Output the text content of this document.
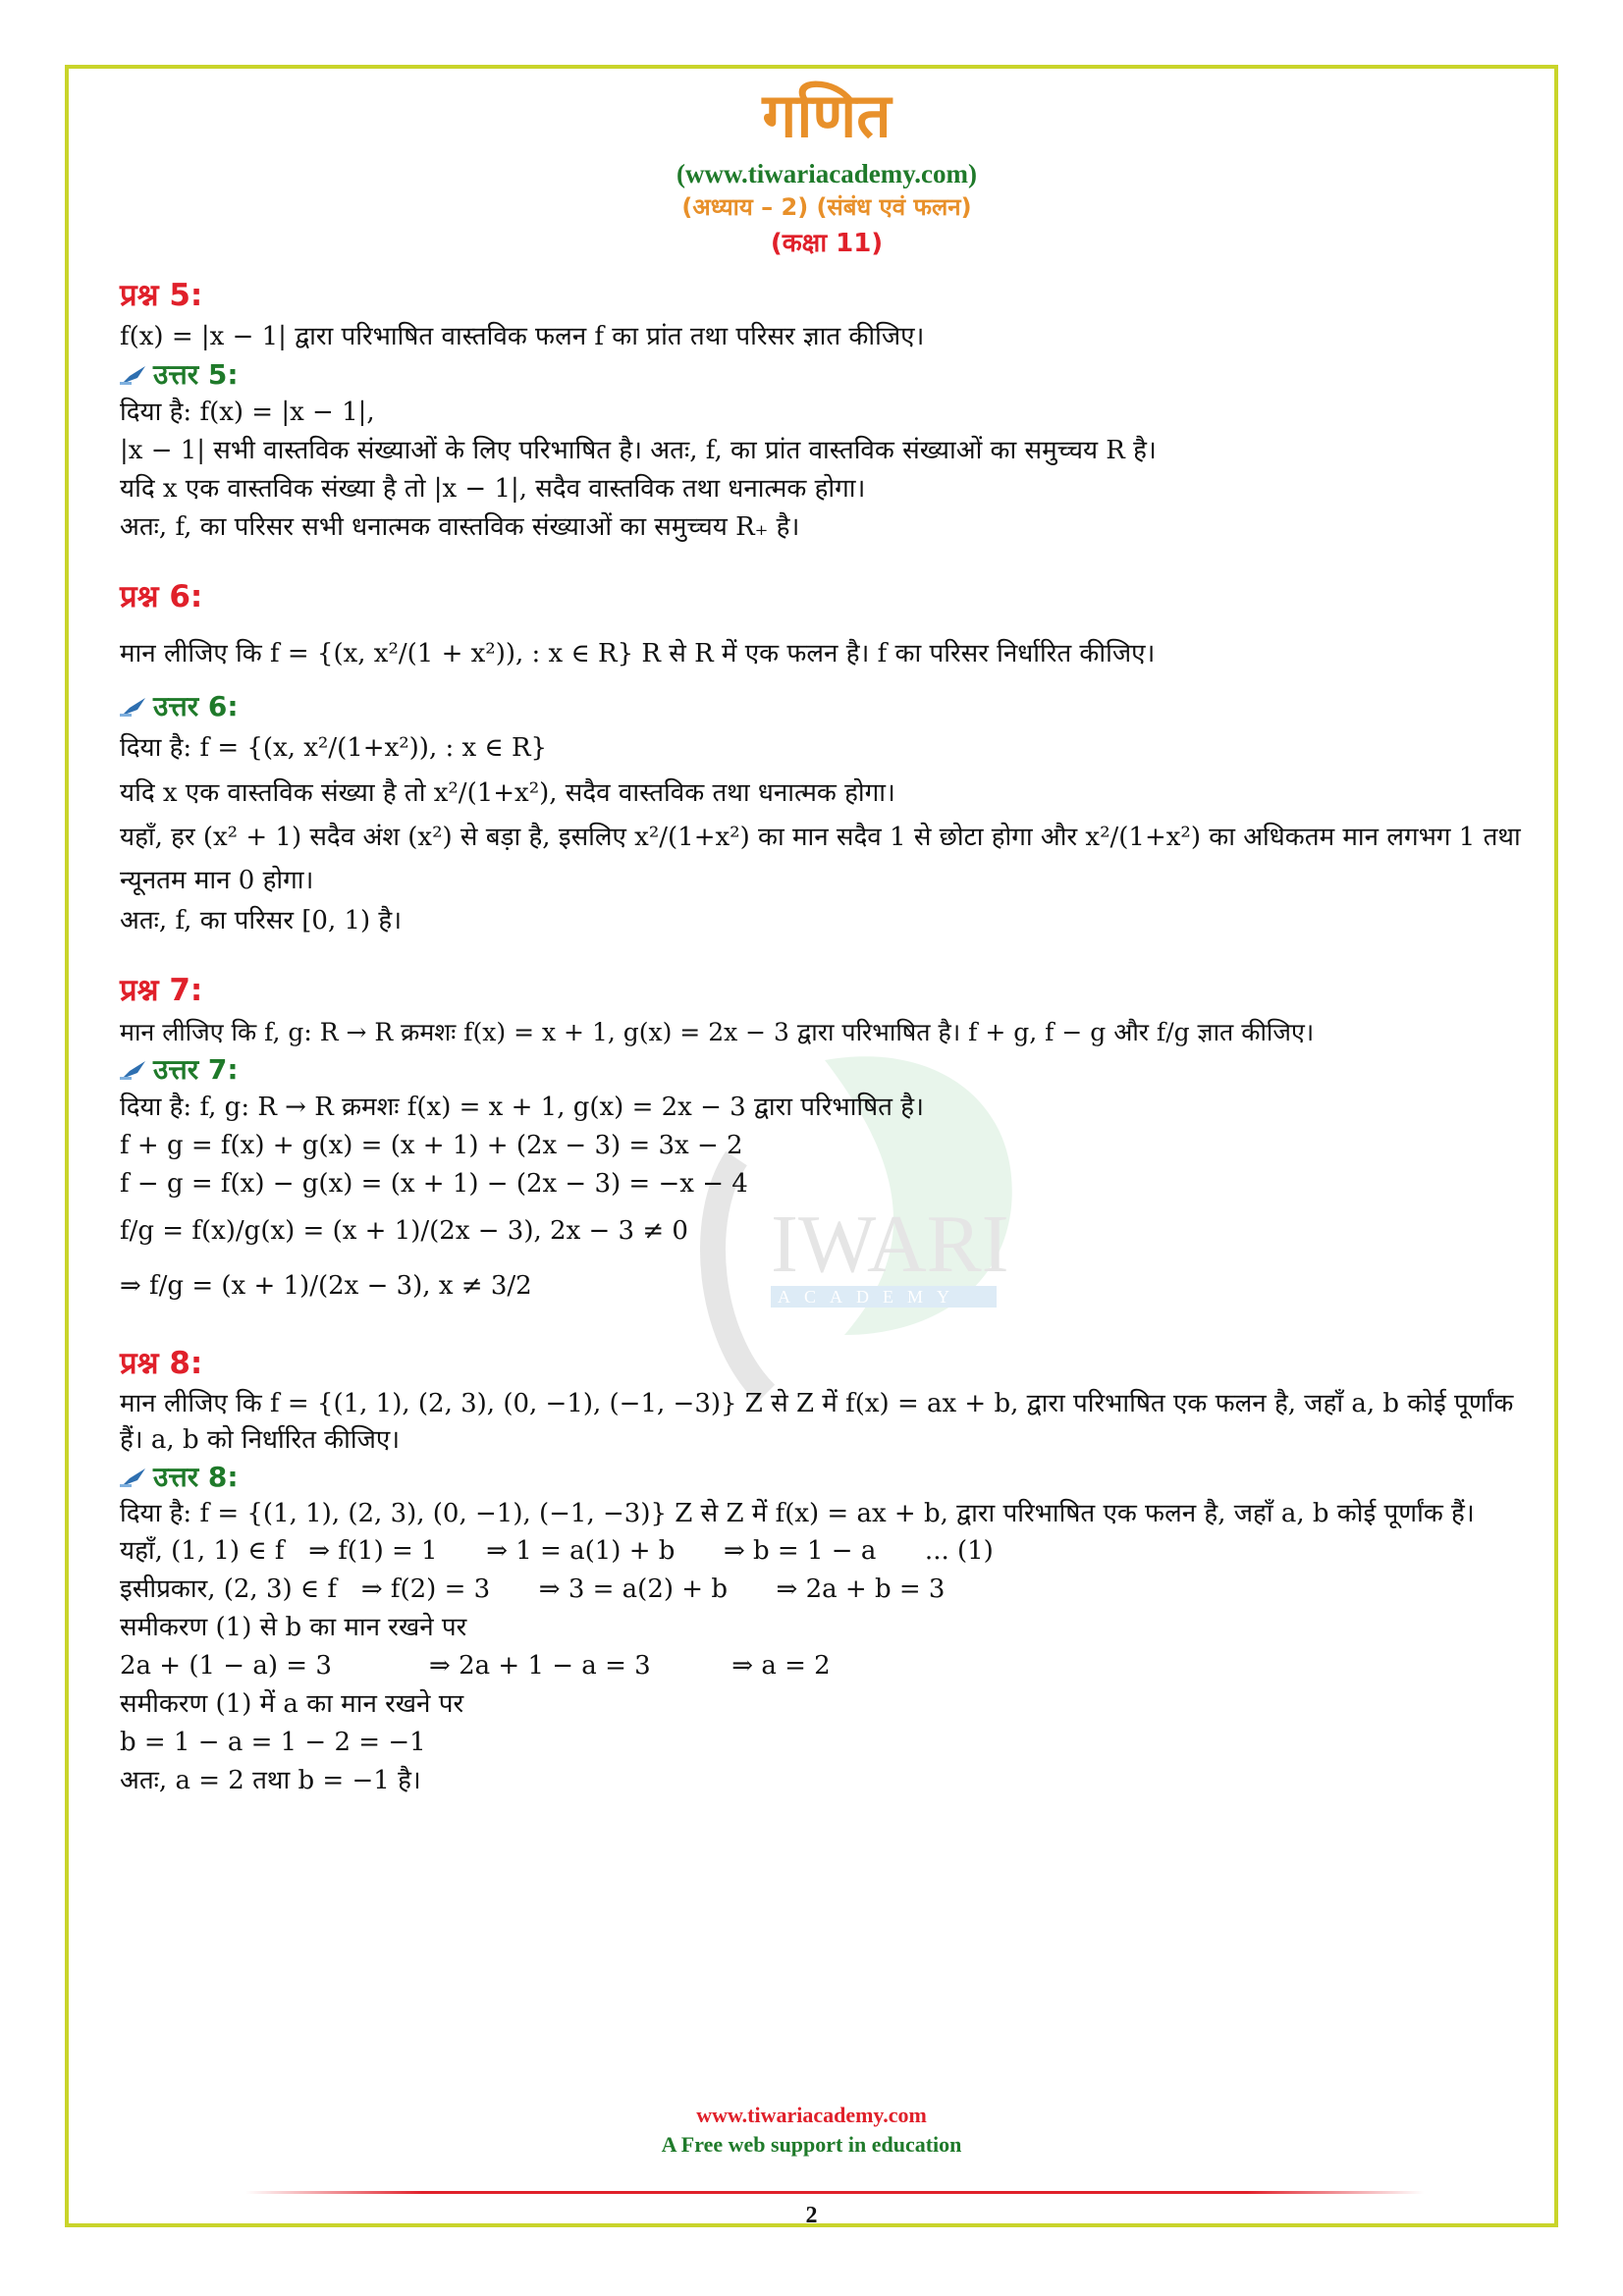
IWARI
ACADEMY
गणित
(www.tiwariacademy.com)
(अध्याय – 2) (संबंध एवं फलन)
(कक्षा 11)
प्रश्न 5:
f(x) = |x − 1| द्वारा परिभाषित वास्तविक फलन f का प्रांत तथा परिसर ज्ञात कीजिए।
उत्तर 5:
दिया है: f(x) = |x − 1|,
|x − 1| सभी वास्तविक संख्याओं के लिए परिभाषित है। अतः, f, का प्रांत वास्तविक संख्याओं का समुच्चय R है।
यदि x एक वास्तविक संख्या है तो |x − 1|, सदैव वास्तविक तथा धनात्मक होगा।
अतः, f, का परिसर सभी धनात्मक वास्तविक संख्याओं का समुच्चय R₊ है।
प्रश्न 6:
मान लीजिए कि f = {(x, x²/(1 + x²)), : x ∈ R} R से R में एक फलन है। f का परिसर निर्धारित कीजिए।
उत्तर 6:
दिया है: f = {(x, x²/(1+x²)), : x ∈ R}
यदि x एक वास्तविक संख्या है तो x²/(1+x²), सदैव वास्तविक तथा धनात्मक होगा।
यहाँ, हर (x² + 1) सदैव अंश (x²) से बड़ा है, इसलिए x²/(1+x²) का मान सदैव 1 से छोटा होगा और x²/(1+x²) का अधिकतम मान लगभग 1 तथा न्यूनतम मान 0 होगा।
अतः, f, का परिसर [0, 1) है।
प्रश्न 7:
मान लीजिए कि f, g: R → R क्रमशः f(x) = x + 1, g(x) = 2x − 3 द्वारा परिभाषित है। f + g, f − g और f/g ज्ञात कीजिए।
उत्तर 7:
दिया है: f, g: R → R क्रमशः f(x) = x + 1, g(x) = 2x − 3 द्वारा परिभाषित है।
f + g = f(x) + g(x) = (x + 1) + (2x − 3) = 3x − 2
f − g = f(x) − g(x) = (x + 1) − (2x − 3) = −x − 4
f/g = f(x)/g(x) = (x + 1)/(2x − 3), 2x − 3 ≠ 0
⇒ f/g = (x + 1)/(2x − 3), x ≠ 3/2
प्रश्न 8:
मान लीजिए कि f = {(1, 1), (2, 3), (0, −1), (−1, −3)} Z से Z में f(x) = ax + b, द्वारा परिभाषित एक फलन है, जहाँ a, b कोई पूर्णांक हैं। a, b को निर्धारित कीजिए।
उत्तर 8:
दिया है: f = {(1, 1), (2, 3), (0, −1), (−1, −3)} Z से Z में f(x) = ax + b, द्वारा परिभाषित एक फलन है, जहाँ a, b कोई पूर्णांक हैं।
यहाँ, (1, 1) ∈ f   ⇒ f(1) = 1      ⇒ 1 = a(1) + b      ⇒ b = 1 − a      ... (1)
इसीप्रकार, (2, 3) ∈ f   ⇒ f(2) = 3      ⇒ 3 = a(2) + b      ⇒ 2a + b = 3
समीकरण (1) से b का मान रखने पर
2a + (1 − a) = 3            ⇒ 2a + 1 − a = 3          ⇒ a = 2
समीकरण (1) में a का मान रखने पर
b = 1 − a = 1 − 2 = −1
अतः, a = 2 तथा b = −1 है।
www.tiwariacademy.com
A Free web support in education
2
